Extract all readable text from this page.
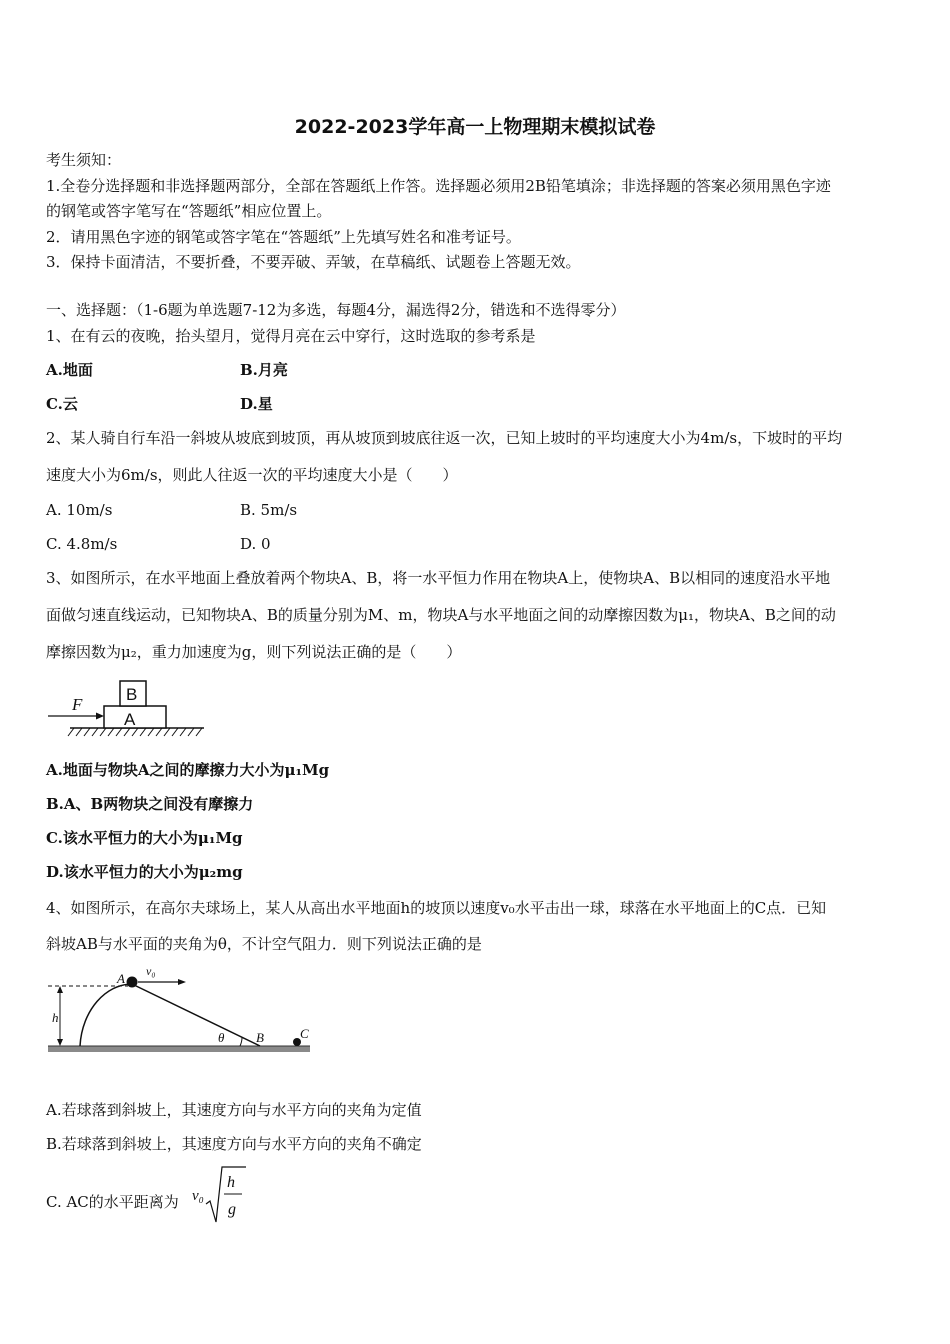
2022-2023学年高一上物理期末模拟试卷
考生须知：
1.全卷分选择题和非选择题两部分，全部在答题纸上作答。选择题必须用2B铅笔填涂；非选择题的答案必须用黑色字迹
的钢笔或答字笔写在“答题纸”相应位置上。
2．请用黑色字迹的钢笔或答字笔在“答题纸”上先填写姓名和准考证号。
3．保持卡面清洁，不要折叠，不要弄破、弄皱，在草稿纸、试题卷上答题无效。
一、选择题：（1-6题为单选题7-12为多选，每题4分，漏选得2分，错选和不选得零分）
1、在有云的夜晚，抬头望月，觉得月亮在云中穿行，这时选取的参考系是
A.地面	B.月亮
C.云	D.星
2、某人骑自行车沿一斜坡从坡底到坡顶，再从坡顶到坡底往返一次，已知上坡时的平均速度大小为4m/s，下坡时的平均
速度大小为6m/s，则此人往返一次的平均速度大小是（　　）
A. 10m/s	B. 5m/s
C. 4.8m/s	D. 0
3、如图所示，在水平地面上叠放着两个物块A、B，将一水平恒力作用在物块A上，使物块A、B以相同的速度沿水平地
面做匀速直线运动，已知物块A、B的质量分别为M、m，物块A与水平地面之间的动摩擦因数为μ₁，物块A、B之间的动
摩擦因数为μ₂，重力加速度为g，则下列说法正确的是（　　）
F
B
A
A.地面与物块A之间的摩擦力大小为μ₁Mg
B.A、B两物块之间没有摩擦力
C.该水平恒力的大小为μ₁Mg
D.该水平恒力的大小为μ₂mg
4、如图所示，在高尔夫球场上，某人从高出水平地面h的坡顶以速度v₀水平击出一球，球落在水平地面上的C点．已知
斜坡AB与水平面的夹角为θ，不计空气阻力．则下列说法正确的是
h
A v₀
θ B	C
A.若球落到斜坡上，其速度方向与水平方向的夹角为定值
B.若球落到斜坡上，其速度方向与水平方向的夹角不确定
C. AC的水平距离为 v₀
h
g
